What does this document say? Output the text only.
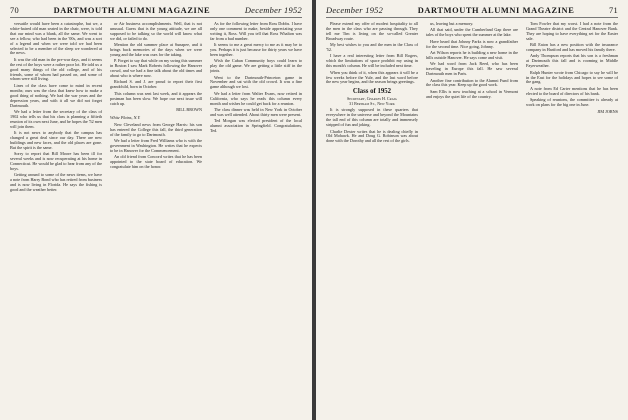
70	DARTMOUTH ALUMNI MAGAZINE	December 1952

versatile would have been a catastrophe, but we, a white-haired old man seated in the chair, were, is told that our mind was a blank, all the same. We went to see a fellow, who had been in the '00s, and was a sort of a legend and when we were told we had been selected to be a member of the sleep we wondered at the news.

It was the old man in the pre-war days, and it seems the rest of the boys were a rather poor lot. He told us a good many things of the old college, and of his friends, some of whom had passed on, and some of whom were still living.

Lines of the class have come to mind in recent months; ours was the class that knew how to make a good thing of nothing. We had the war years and the depression years, and with it all we did not forget Dartmouth.

We had a letter from the secretary of the class of 1902 who tells us that his class is planning a fiftieth reunion of its own next June, and he hopes the '52 men will join them.

It is not news to anybody that the campus has changed a great deal since our day. There are new buildings and new faces, and the old places are gone. But the spirit is the same.

Sorry to report that Bill Moore has been ill for several weeks and is now recuperating at his home in Connecticut. He would be glad to hear from any of the boys.

Getting around to some of the news items, we have a note from Harry Bond who has retired from business and is now living in Florida. He says the fishing is good and the weather better.

or Air business accomplishments. Well, that is not unusual. Guess that is the young attitude, we are all supposed to be talking so the world will know what we did, or failed to do.

Mention the old summer place at Sunapee, and it brings back memories of the days when we were young and the lake was ours for the taking.

P. Forget to say that while on my swing this summer in Boston I saw Mark Roberts following the Hanover crowd, and we had a fine talk about the old times and about who is where now.

Richard S. and J. are proud to report their first grandchild, born in October.

This column was sent last week, and it appears the postman has been slow. We hope our next issue will catch up.

BILL BROWN

White Plains, N.Y.

New Cleveland news from George Harris: his son has entered the College this fall, the third generation of the family to go to Dartmouth.

We had a letter from Fred Williams who is with the government in Washington. He writes that he expects to be in Hanover for the Commencement.

An old friend from Concord writes that he has been appointed to the state board of education. We congratulate him on the honor.

As for the following letter from Ross Dobbs. I have only one comment to make, beside appreciating your writing it, Ross. Will you tell that Ross Whalton was far from a bad number.

It seems to me a great mercy to me as it may be to you. Perhaps it is just because for thirty years we have been together.

Wish the Cuban Community boys could learn to play the old game. We are getting a little stiff in the joints.

Went to the Dartmouth-Princeton game in November and sat with the old crowd. It was a fine game although we lost.

We had a letter from Walter Evans, now retired in California, who says he reads this column every month and wishes he could get back for a reunion.

The class dinner was held in New York in October and was well attended. About thirty men were present.

Ted Morgan was elected president of the local alumni association in Springfield. Congratulations, Ted.

December 1952	DARTMOUTH ALUMNI MAGAZINE	71

Please extend my offer of modest hospitality to all the men in the class who are passing through. They tell me Tim is living on the so-called Greater Broadway route.

My best wishes to you and the men in the Class of '52.

I have a real interesting letter from Bill Rogers, which the limitations of space prohibit my using in this month's column. He will be included next time.

When you think of it, when this appears it will be a few weeks before the Yule, and the last word before the new year begins, and the season brings greetings.

Class of 1952
Secretary, Charles H. Craig
31 Bertram St., New York

It is strongly supposed in these quarters that everywhere in the universe and beyond the Mountains the tall end of this column are totally and immensely stripped of fun and joking.

Charlie Dexter writes that he is dealing chiefly in Old Mohawk. He and Doug G. Robinson was about done with the Dorothy and all the rest of the girls.

us, leaving but a memory.

All that said, under the Cumberland Gap there are tales of the boys who spent the summer at the lake.

Have heard that Johnny Parks is now a grandfather for the second time. Nice going, Johnny.

Art Wilson reports he is building a new home in the hills outside Hanover. He says come and visit.

We had word from Jack Reed, who has been traveling in Europe this fall. He saw several Dartmouth men in Paris.

Another fine contribution to the Alumni Fund from the class this year. Keep up the good work.

Sam Ellis is now teaching at a school in Vermont and enjoys the quiet life of the country.

Tom Fowler that my worst. I had a note from the Grand Theatre district and the Central Hanover Bank. They are hoping to have everything set for the Easter sale.

Bill Eaton has a new position with the insurance company in Hartford and has moved his family there.

Andy Thompson reports that his son is a freshman at Dartmouth this fall and is rooming in Middle Fayerweather.

Ralph Hunter wrote from Chicago to say he will be in the East for the holidays and hopes to see some of the gang.

A note from Ed Carter mentions that he has been elected to the board of directors of his bank.

Speaking of reunions, the committee is already at work on plans for the big one in June.

JIM JORNS
